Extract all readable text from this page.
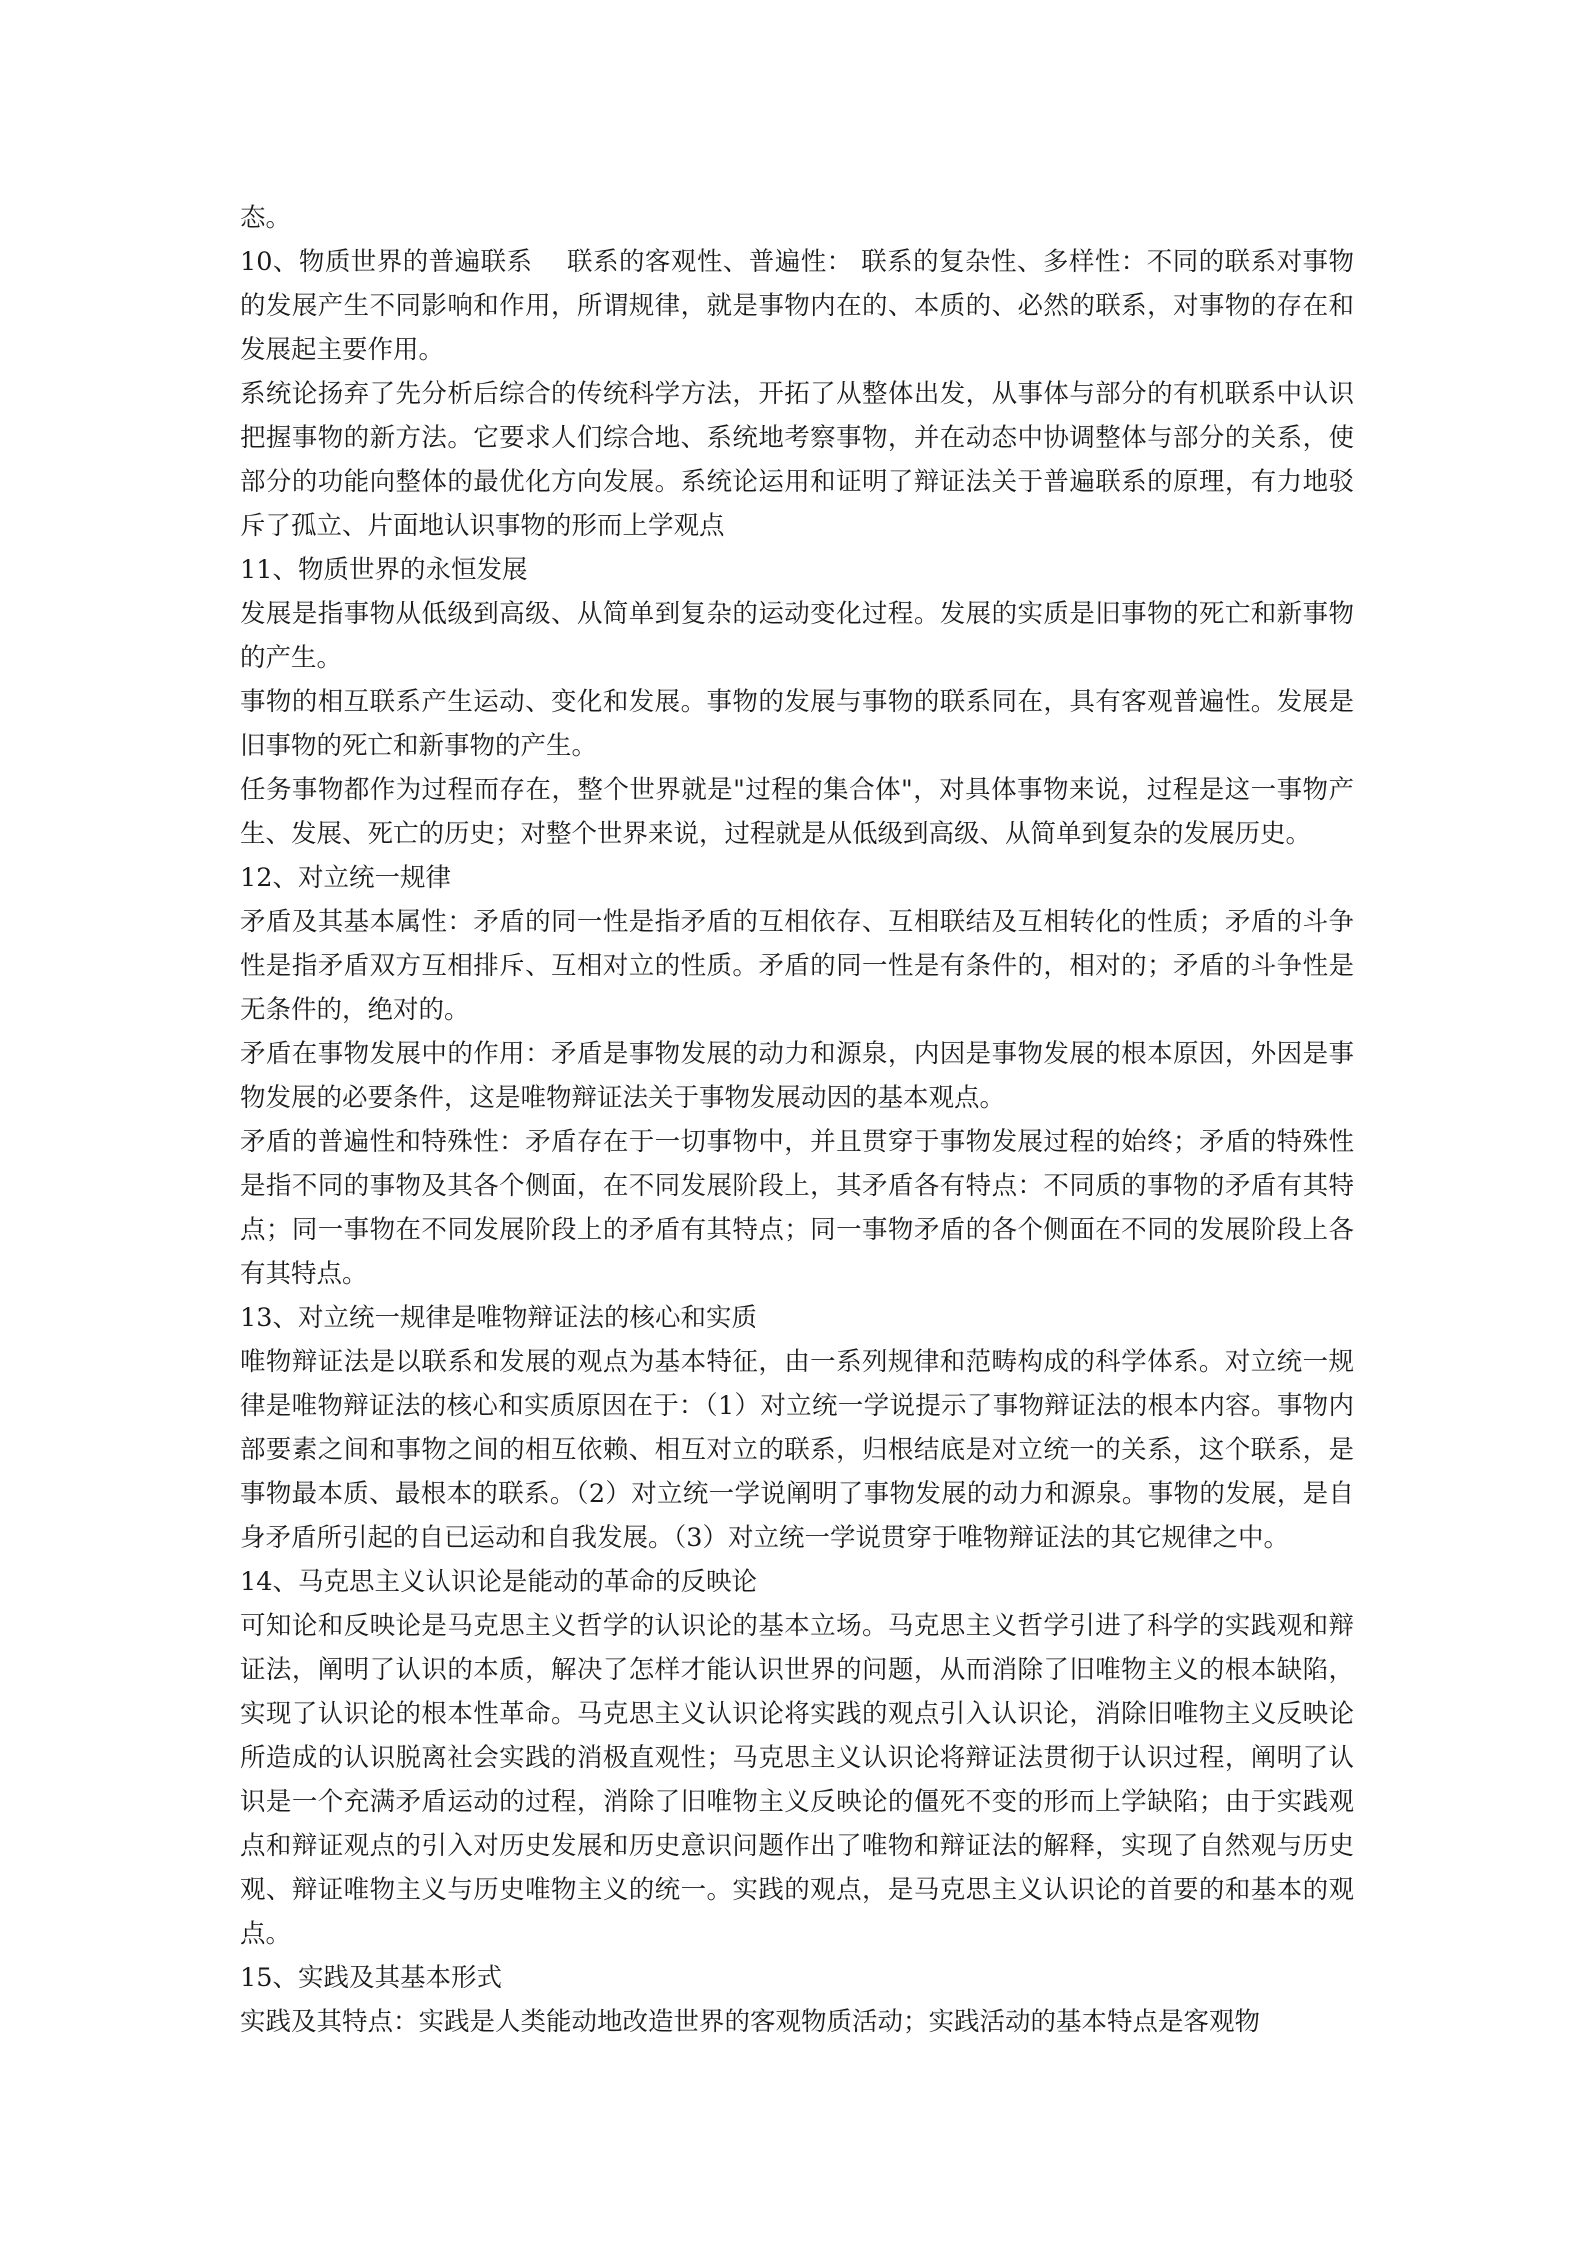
态。

10、物质世界的普遍联系　 联系的客观性、普遍性： 联系的复杂性、多样性：不同的联系对事物的发展产生不同影响和作用，所谓规律，就是事物内在的、本质的、必然的联系，对事物的存在和发展起主要作用。

系统论扬弃了先分析后综合的传统科学方法，开拓了从整体出发，从事体与部分的有机联系中认识把握事物的新方法。它要求人们综合地、系统地考察事物，并在动态中协调整体与部分的关系，使部分的功能向整体的最优化方向发展。系统论运用和证明了辩证法关于普遍联系的原理，有力地驳斥了孤立、片面地认识事物的形而上学观点

11、物质世界的永恒发展

发展是指事物从低级到高级、从简单到复杂的运动变化过程。发展的实质是旧事物的死亡和新事物的产生。

事物的相互联系产生运动、变化和发展。事物的发展与事物的联系同在，具有客观普遍性。发展是旧事物的死亡和新事物的产生。

任务事物都作为过程而存在，整个世界就是"过程的集合体"，对具体事物来说，过程是这一事物产生、发展、死亡的历史；对整个世界来说，过程就是从低级到高级、从简单到复杂的发展历史。

12、对立统一规律

矛盾及其基本属性：矛盾的同一性是指矛盾的互相依存、互相联结及互相转化的性质；矛盾的斗争性是指矛盾双方互相排斥、互相对立的性质。矛盾的同一性是有条件的，相对的；矛盾的斗争性是无条件的，绝对的。

矛盾在事物发展中的作用：矛盾是事物发展的动力和源泉，内因是事物发展的根本原因，外因是事物发展的必要条件，这是唯物辩证法关于事物发展动因的基本观点。

矛盾的普遍性和特殊性：矛盾存在于一切事物中，并且贯穿于事物发展过程的始终；矛盾的特殊性是指不同的事物及其各个侧面，在不同发展阶段上，其矛盾各有特点：不同质的事物的矛盾有其特点；同一事物在不同发展阶段上的矛盾有其特点；同一事物矛盾的各个侧面在不同的发展阶段上各有其特点。

13、对立统一规律是唯物辩证法的核心和实质

唯物辩证法是以联系和发展的观点为基本特征，由一系列规律和范畴构成的科学体系。对立统一规律是唯物辩证法的核心和实质原因在于：（1）对立统一学说提示了事物辩证法的根本内容。事物内部要素之间和事物之间的相互依赖、相互对立的联系，归根结底是对立统一的关系，这个联系，是事物最本质、最根本的联系。（2）对立统一学说阐明了事物发展的动力和源泉。事物的发展，是自身矛盾所引起的自已运动和自我发展。（3）对立统一学说贯穿于唯物辩证法的其它规律之中。

14、马克思主义认识论是能动的革命的反映论

可知论和反映论是马克思主义哲学的认识论的基本立场。马克思主义哲学引进了科学的实践观和辩证法，阐明了认识的本质，解决了怎样才能认识世界的问题，从而消除了旧唯物主义的根本缺陷，实现了认识论的根本性革命。马克思主义认识论将实践的观点引入认识论，消除旧唯物主义反映论所造成的认识脱离社会实践的消极直观性；马克思主义认识论将辩证法贯彻于认识过程，阐明了认识是一个充满矛盾运动的过程，消除了旧唯物主义反映论的僵死不变的形而上学缺陷；由于实践观点和辩证观点的引入对历史发展和历史意识问题作出了唯物和辩证法的解释，实现了自然观与历史观、辩证唯物主义与历史唯物主义的统一。实践的观点，是马克思主义认识论的首要的和基本的观点。

15、实践及其基本形式

实践及其特点：实践是人类能动地改造世界的客观物质活动；实践活动的基本特点是客观物
